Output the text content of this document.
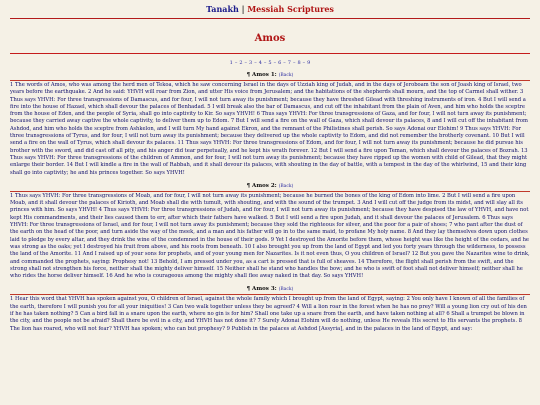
Tanakh | Messiah Scriptures
Amos
1 – 2 – 3 – 4 – 5 – 6 – 7 – 8 – 9
¶ Amos 1: (Back)
1 The words of Amos, who was among the herd men of Tekoa, which he saw concerning Israel in the days of Uzziah king of Judah, and in the days of Jeroboam the son of Joash king of Israel, two years before the earthquake. 2 And he said: YHVH will roar from Zion, and utter His voice from Jerusalem; and the habitations of the shepherds shall mourn, and the top of Carmel shall wither. 3 Thus says YHVH: For three transgressions of Damascus, and for four, I will not turn away its punishment; because they have threshed Gilead with threshing instruments of iron. 4 But I will send a fire into the house of Hazael, which shall devour the palaces of Benhadad. 5 I will break also the bar of Damascus, and cut off the inhabitant from the plain of Aven, and him who holds the sceptre from the house of Eden, and the people of Syria, shall go into captivity to Kir. So says YHVH! 6 Thus says YHVH: For three transgressions of Gaza, and for four, I will not turn away its punishment; because they carried away captive the whole captivity, to deliver them up to Edom. 7 But I will send a fire on the wall of Gaza, which shall devour its palaces, 8 and I will cut off the inhabitant from Ashdod, and him who holds the sceptre from Ashkelon, and I will turn My hand against Ekron, and the remnant of the Philistines shall perish. So says Adonai our Elohim! 9 Thus says YHVH: For three transgressions of Tyrus, and for four, I will not turn away its punishment; because they delivered up the whole captivity to Edom, and did not remember the brotherly covenant. 10 But I will send a fire on the wall of Tyrus, which shall devour its palaces. 11 Thus says YHVH: For three transgressions of Edom, and for four, I will not turn away its punishment; because he did pursue his brother with the sword, and did cast off all pity, and his anger did tear perpetually, and he kept his wrath forever. 12 But I will send a fire upon Teman, which shall devour the palaces of Bozrah. 13 Thus says YHVH: For three transgressions of the children of Ammon, and for four, I will not turn away its punishment; because they have ripped up the women with child of Gilead, that they might enlarge their border. 14 But I will kindle a fire in the wall of Rabbah, and it shall devour its palaces, with shouting in the day of battle, with a tempest in the day of the whirlwind, 15 and their king shall go into captivity; he and his princes together. So says YHVH!
¶ Amos 2: (Back)
1 Thus says YHVH: For three transgressions of Moab, and for four, I will not turn away its punishment; because he burned the bones of the king of Edom into lime. 2 But I will send a fire upon Moab, and it shall devour the palaces of Kirioth, and Moab shall die with tumult, with shouting, and with the sound of the trumpet. 3 And I will cut off the judge from its midst, and will slay all its princes with him. So says YHVH! 4 Thus says YHVH: For three transgressions of Judah, and for four, I will not turn away its punishment; because they have despised the law of YHVH, and have not kept His commandments, and their lies caused them to err, after which their fathers have walked. 5 But I will send a fire upon Judah, and it shall devour the palaces of Jerusalem. 6 Thus says YHVH: For three transgressions of Israel, and for four, I will not turn away its punishment; because they sold the righteous for silver, and the poor for a pair of shoes; 7 who pant after the dust of the earth on the head of the poor, and turn aside the way of the meek, and a man and his father will go in to the same maid, to profane My holy name. 8 And they lay themselves down upon clothes laid to pledge by every altar, and they drink the wine of the condemned in the house of their gods. 9 Yet I destroyed the Amorite before them, whose height was like the height of the cedars, and he was strong as the oaks; yet I destroyed his fruit from above, and his roots from beneath. 10 I also brought you up from the land of Egypt and led you forty years through the wilderness, to possess the land of the Amorite. 11 And I raised up of your sons for prophets, and of your young men for Nazarites. Is it not even thus, O you children of Israel? 12 But you gave the Nazarites wine to drink, and commanded the prophets, saying: Prophesy not! 13 Behold, I am pressed under you, as a cart is pressed that is full of sheaves. 14 Therefore, the flight shall perish from the swift, and the strong shall not strengthen his force, neither shall the mighty deliver himself. 15 Neither shall he stand who handles the bow; and he who is swift of foot shall not deliver himself; neither shall he who rides the horse deliver himself. 16 And he who is courageous among the mighty shall flee away naked in that day. So says YHVH!
¶ Amos 3: (Back)
1 Hear this word that YHVH has spoken against you, O children of Israel, against the whole family which I brought up from the land of Egypt, saying: 2 You only have I known of all the families of the earth, therefore I will punish you for all your iniquities! 3 Can two walk together unless they be agreed? 4 Will a lion roar in the forest when he has no prey? Will a young lion cry out of his den if he has taken nothing? 5 Can a bird fall in a snare upon the earth, where no gin is for him? Shall one take up a snare from the earth, and have taken nothing at all? 6 Shall a trumpet be blown in the city, and the people not be afraid? Shall there be evil in a city, and YHVH has not done it? 7 Surely Adonai Elohim will do nothing, unless He reveals His secret to His servants the prophets. 8 The lion has roared, who will not fear? YHVH has spoken; who can but prophesy? 9 Publish in the palaces at Ashdod [Assyria], and in the palaces in the land of Egypt, and say:
